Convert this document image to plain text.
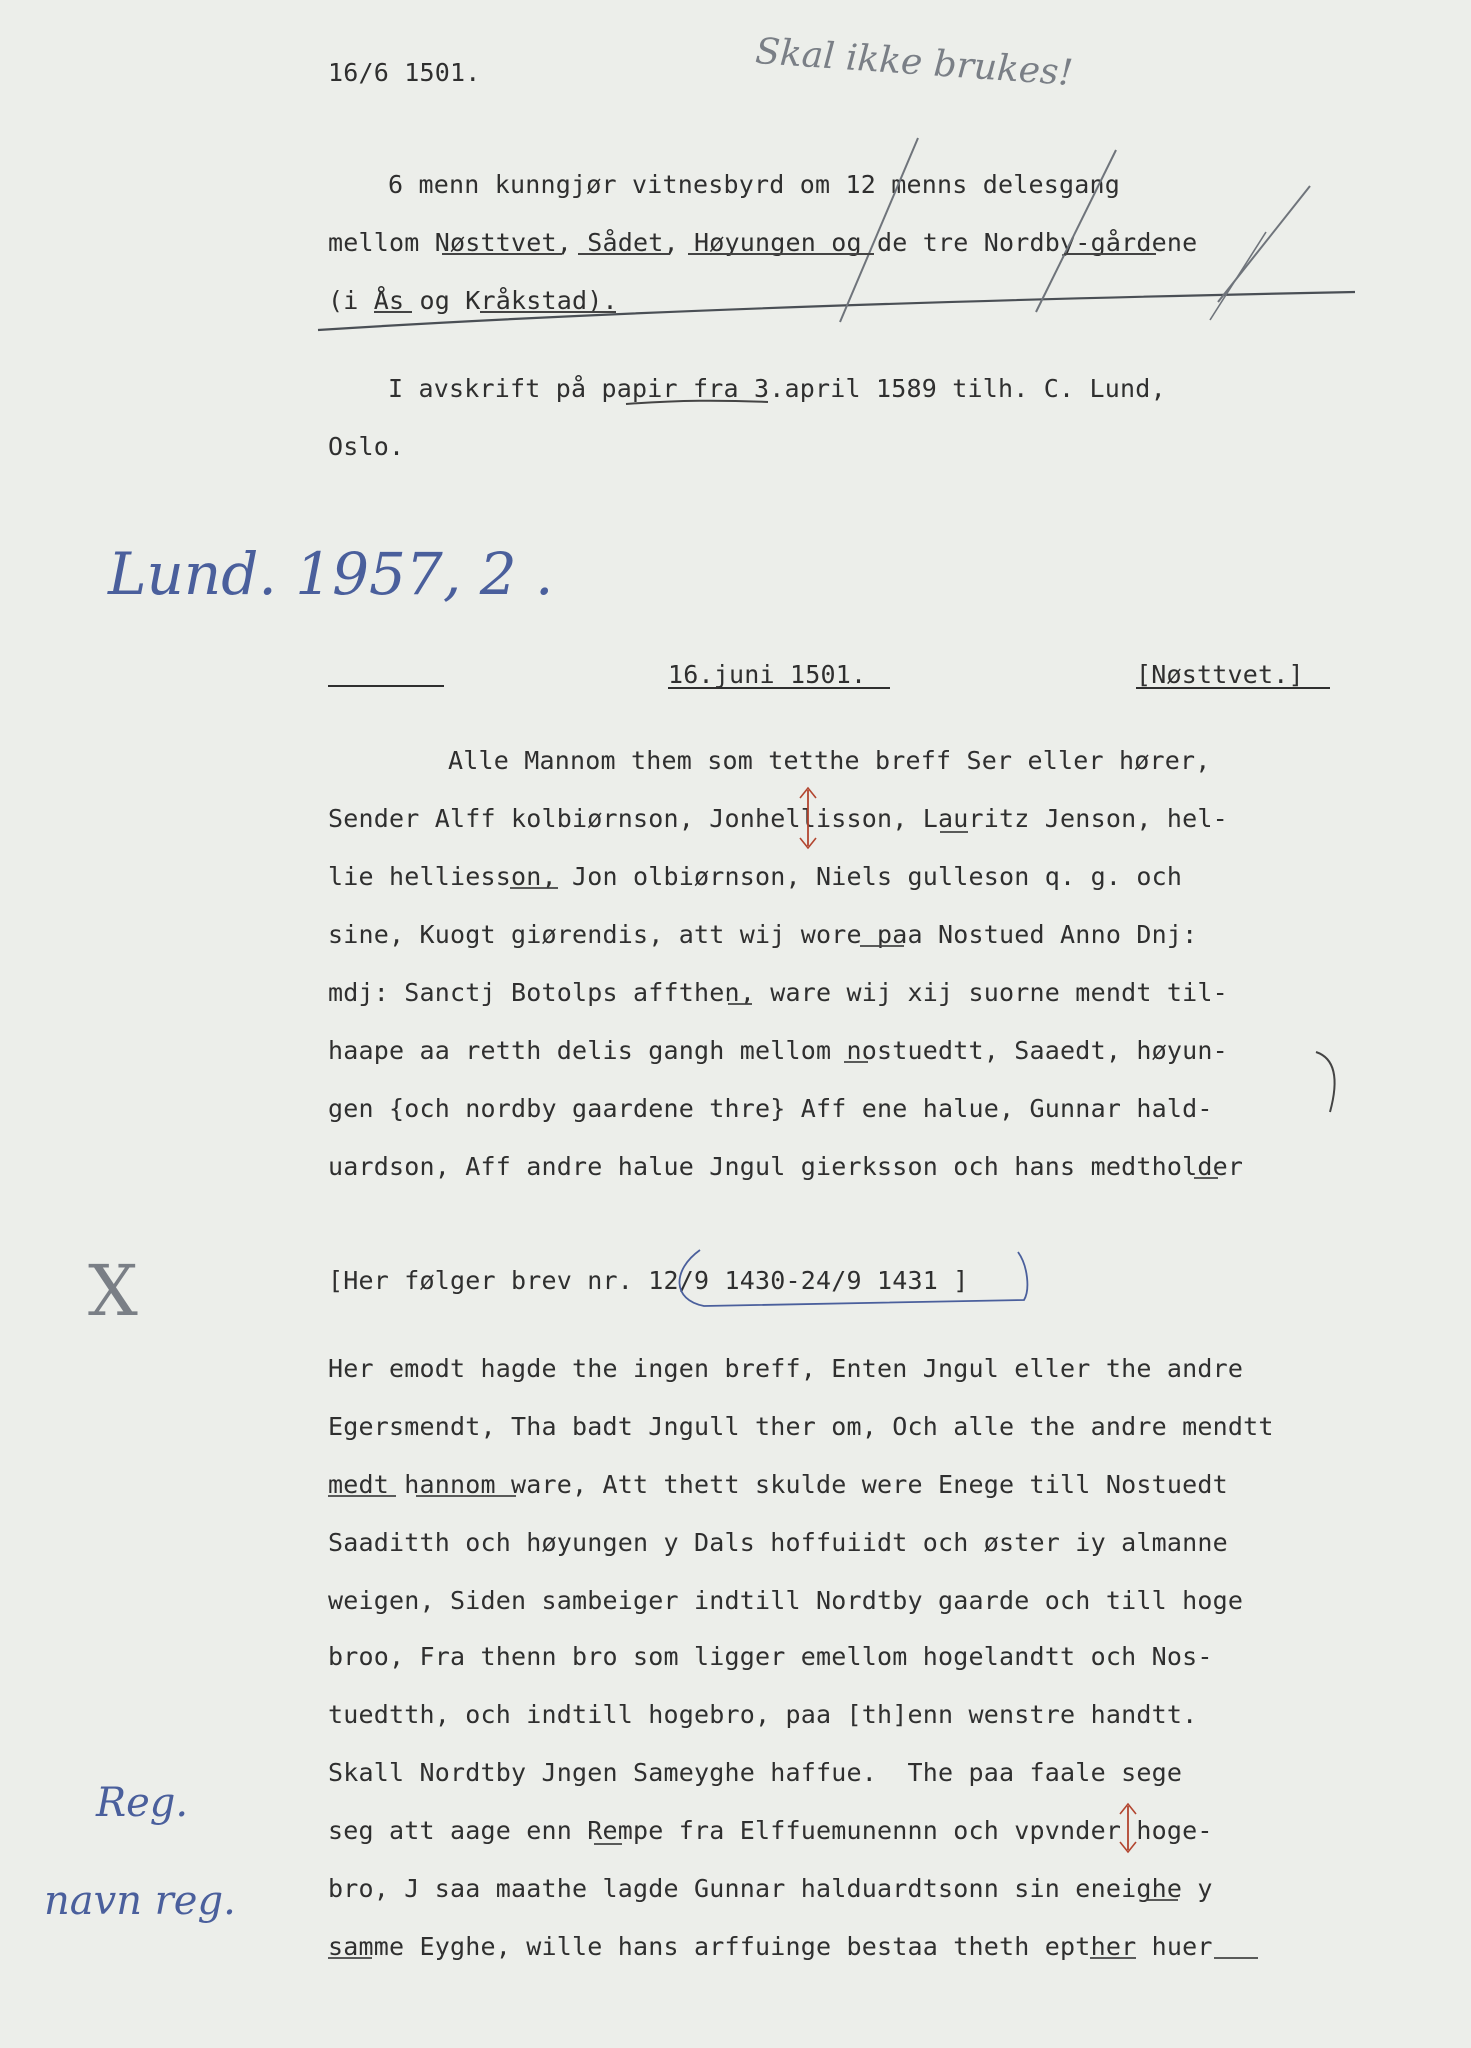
16/6 1501.	Skal ikke brukes!
6 menn kunngjør vitnesbyrd om 12 menns delesgang
mellom Nøsttvet, Sådet, Høyungen og de tre Nordby-gårdene
(i Ås og Kråkstad).
I avskrift på papir fra 3.april 1589 tilh. C. Lund,
Oslo.
Lund. 1957, 2 .
16.juni 1501.	[Nøsttvet.]
Alle Mannom them som tetthe breff Ser eller hører,
Sender Alff kolbiørnson, Jonhellisson, Lauritz Jenson, hel-
lie helliesson, Jon olbiørnson, Niels gulleson q. g. och
sine, Kuogt giørendis, att wij wore paa Nostued Anno Dnj:
mdj: Sanctj Botolps affthen, ware wij xij suorne mendt til-
haape aa retth delis gangh mellom nostuedtt, Saaedt, høyun-
gen {och nordby gaardene thre} Aff ene halue, Gunnar hald-
uardson, Aff andre halue Jngul gierksson och hans medtholder
[Her følger brev nr. 12/9 1430-24/9 1431 ]
Her emodt hagde the ingen breff, Enten Jngul eller the andre
Egersmendt, Tha badt Jngull ther om, Och alle the andre mendtt
medt hannom ware, Att thett skulde were Enege till Nostuedt
Saaditth och høyungen y Dals hoffuiidt och øster iy almanne
weigen, Siden sambeiger indtill Nordtby gaarde och till hoge
broo, Fra thenn bro som ligger emellom hogelandtt och Nos-
tuedtth, och indtill hogebro, paa [th]enn wenstre handtt.
Skall Nordtby Jngen Sameyghe haffue.  The paa faale sege
seg att aage enn Rempe fra Elffuemunennn och vpvnder hoge-
bro, J saa maathe lagde Gunnar halduardtsonn sin eneighe y
samme Eyghe, wille hans arffuinge bestaa theth epther huer
X
Reg.
navn reg.
